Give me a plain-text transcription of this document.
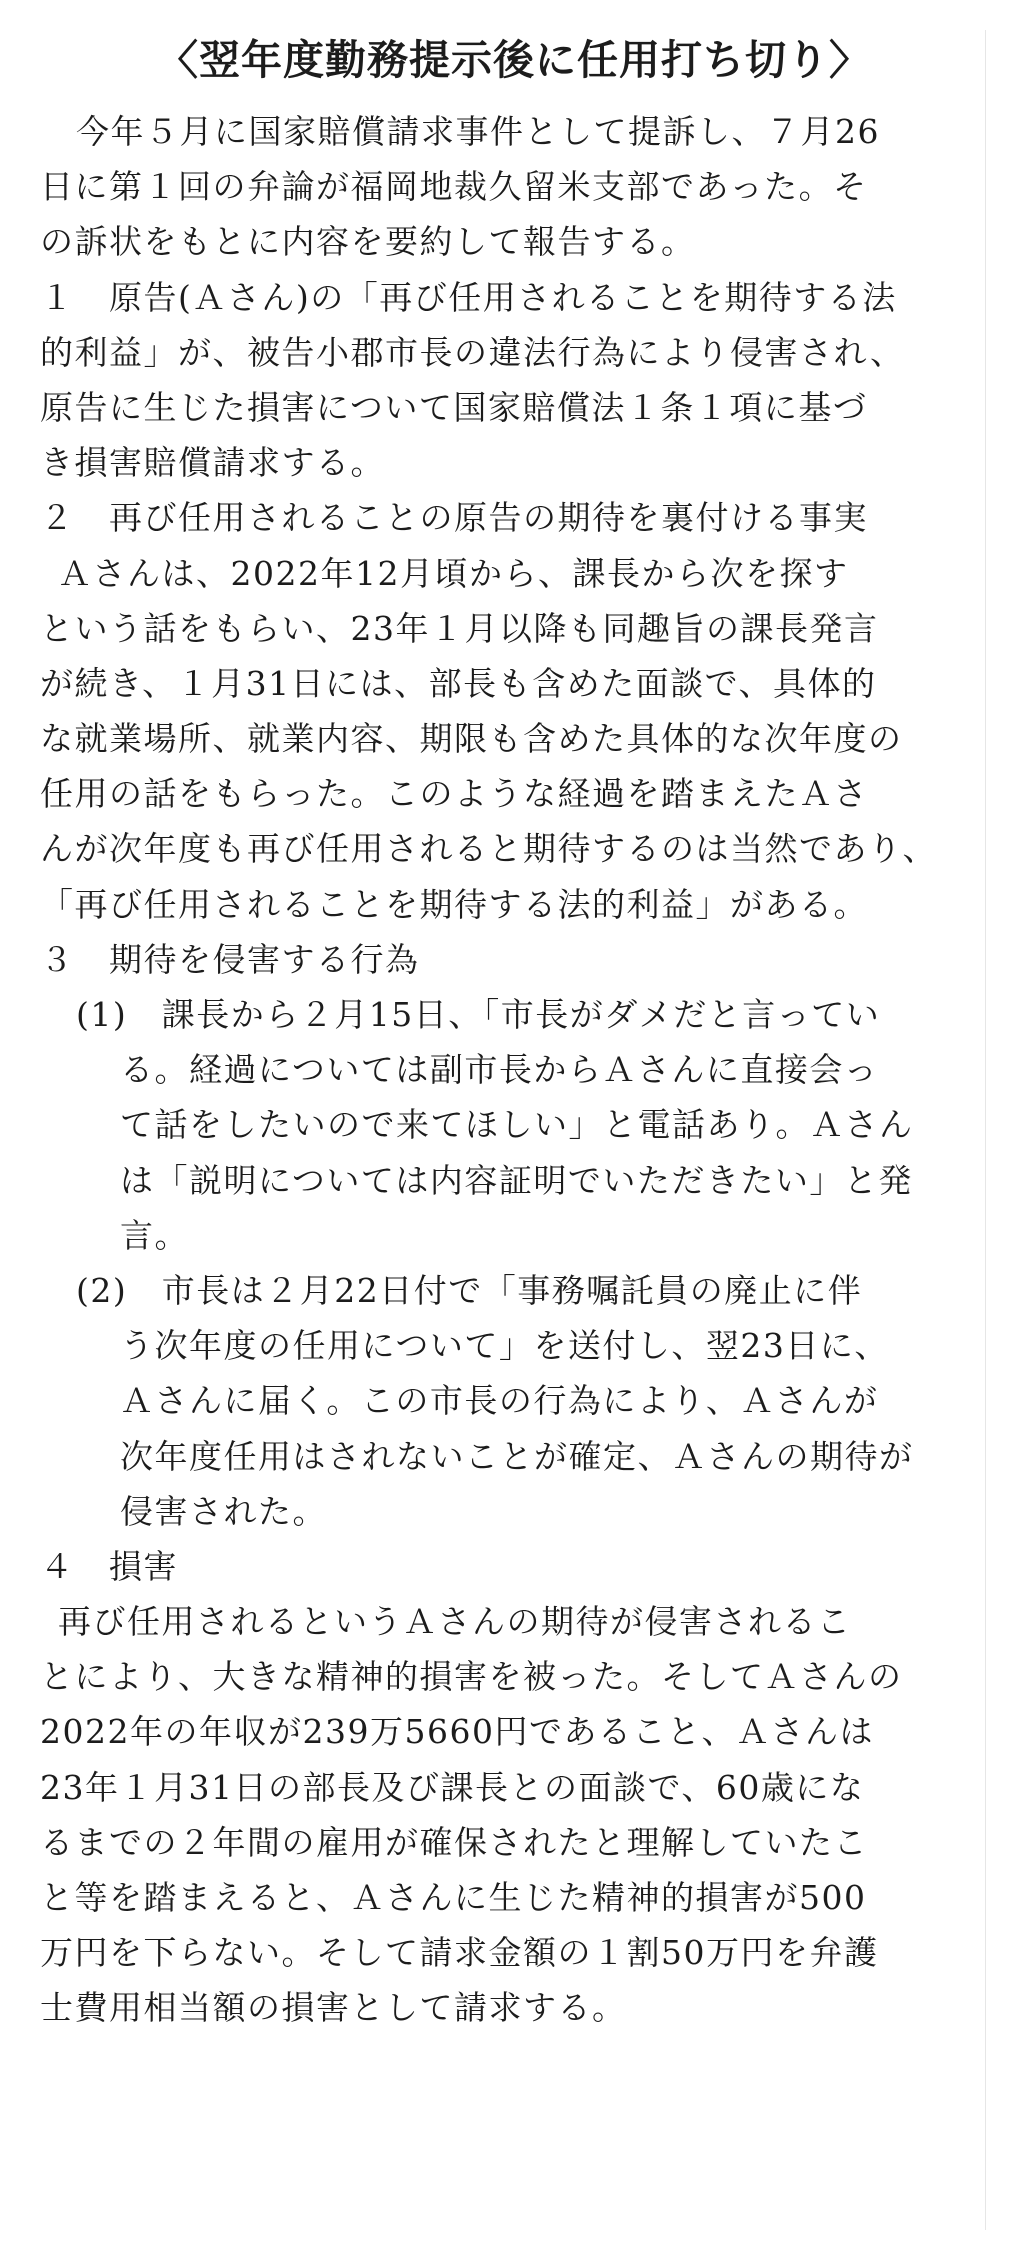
〈翌年度勤務提示後に任用打ち切り〉
今年５月に国家賠償請求事件として提訴し、７月26
日に第１回の弁論が福岡地裁久留米支部であった。そ
の訴状をもとに内容を要約して報告する。
１　原告(Ａさん)の「再び任用されることを期待する法
的利益」が、被告小郡市長の違法行為により侵害され、
原告に生じた損害について国家賠償法１条１項に基づ
き損害賠償請求する。
２　再び任用されることの原告の期待を裏付ける事実
Ａさんは、2022年12月頃から、課長から次を探す
という話をもらい、23年１月以降も同趣旨の課長発言
が続き、１月31日には、部長も含めた面談で、具体的
な就業場所、就業内容、期限も含めた具体的な次年度の
任用の話をもらった。このような経過を踏まえたＡさ
んが次年度も再び任用されると期待するのは当然であり、
「再び任用されることを期待する法的利益」がある。
３　期待を侵害する行為
(1)　課長から２月15日、「市長がダメだと言ってい
る。経過については副市長からＡさんに直接会っ
て話をしたいので来てほしい」と電話あり。Ａさん
は「説明については内容証明でいただきたい」と発
言。
(2)　市長は２月22日付で「事務嘱託員の廃止に伴
う次年度の任用について」を送付し、翌23日に、
Ａさんに届く。この市長の行為により、Ａさんが
次年度任用はされないことが確定、Ａさんの期待が
侵害された。
４　損害
再び任用されるというＡさんの期待が侵害されるこ
とにより、大きな精神的損害を被った。そしてＡさんの
2022年の年収が239万5660円であること、Ａさんは
23年１月31日の部長及び課長との面談で、60歳にな
るまでの２年間の雇用が確保されたと理解していたこ
と等を踏まえると、Ａさんに生じた精神的損害が500
万円を下らない。そして請求金額の１割50万円を弁護
士費用相当額の損害として請求する。
